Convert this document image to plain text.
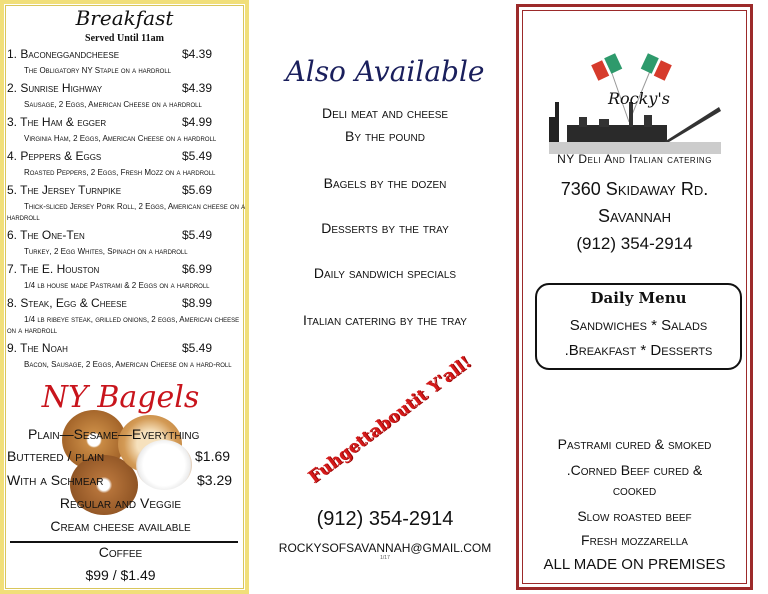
Breakfast
Served Until 11am
1. Baconeggandcheese	$4.39
The Obligatory NY Staple on a hardroll
2. Sunrise Highway	$4.39
Sausage, 2 Eggs, American Cheese on a hardroll
3. The Ham & egger	$4.99
Virginia Ham, 2 Eggs, American Cheese on a hardroll
4. Peppers & Eggs	$5.49
Roasted Peppers, 2 Eggs, Fresh Mozz on a hardroll
5. The Jersey Turnpike	$5.69
Thick-sliced Jersey Pork Roll, 2 Eggs, American cheese on a hardroll
6. The One-Ten	$5.49
Turkey, 2 Egg Whites, Spinach on a hardroll
7. The E. Houston	$6.99
1/4 lb house made Pastrami & 2 Eggs on a hardroll
8. Steak, Egg & Cheese	$8.99
1/4 lb ribeye steak, grilled onions, 2 eggs, American cheese on a hardroll
9. The Noah	$5.49
Bacon, Sausage, 2 Eggs, American Cheese on a hard-roll
NY Bagels
Plain—Sesame—Everything
Buttered / plain	$1.69
With a Schmear	$3.29
Regular and Veggie
Cream cheese available
Coffee
$99 / $1.49
Also Available
Deli meat and cheese
By the pound
Bagels by the dozen
Desserts by the tray
Daily sandwich specials
Italian catering by the tray
Fuhgettaboutit Y'all!
(912) 354-2914
ROCKYSOFSAVANNAH@GMAIL.COM
1/17
Rocky's
NY Deli And Italian catering
7360 Skidaway Rd.
Savannah
(912) 354-2914
Daily Menu
Sandwiches * Salads
.Breakfast * Desserts
Pastrami cured & smoked
.Corned Beef cured &
cooked
Slow roasted beef
Fresh mozzarella
ALL MADE ON PREMISES
